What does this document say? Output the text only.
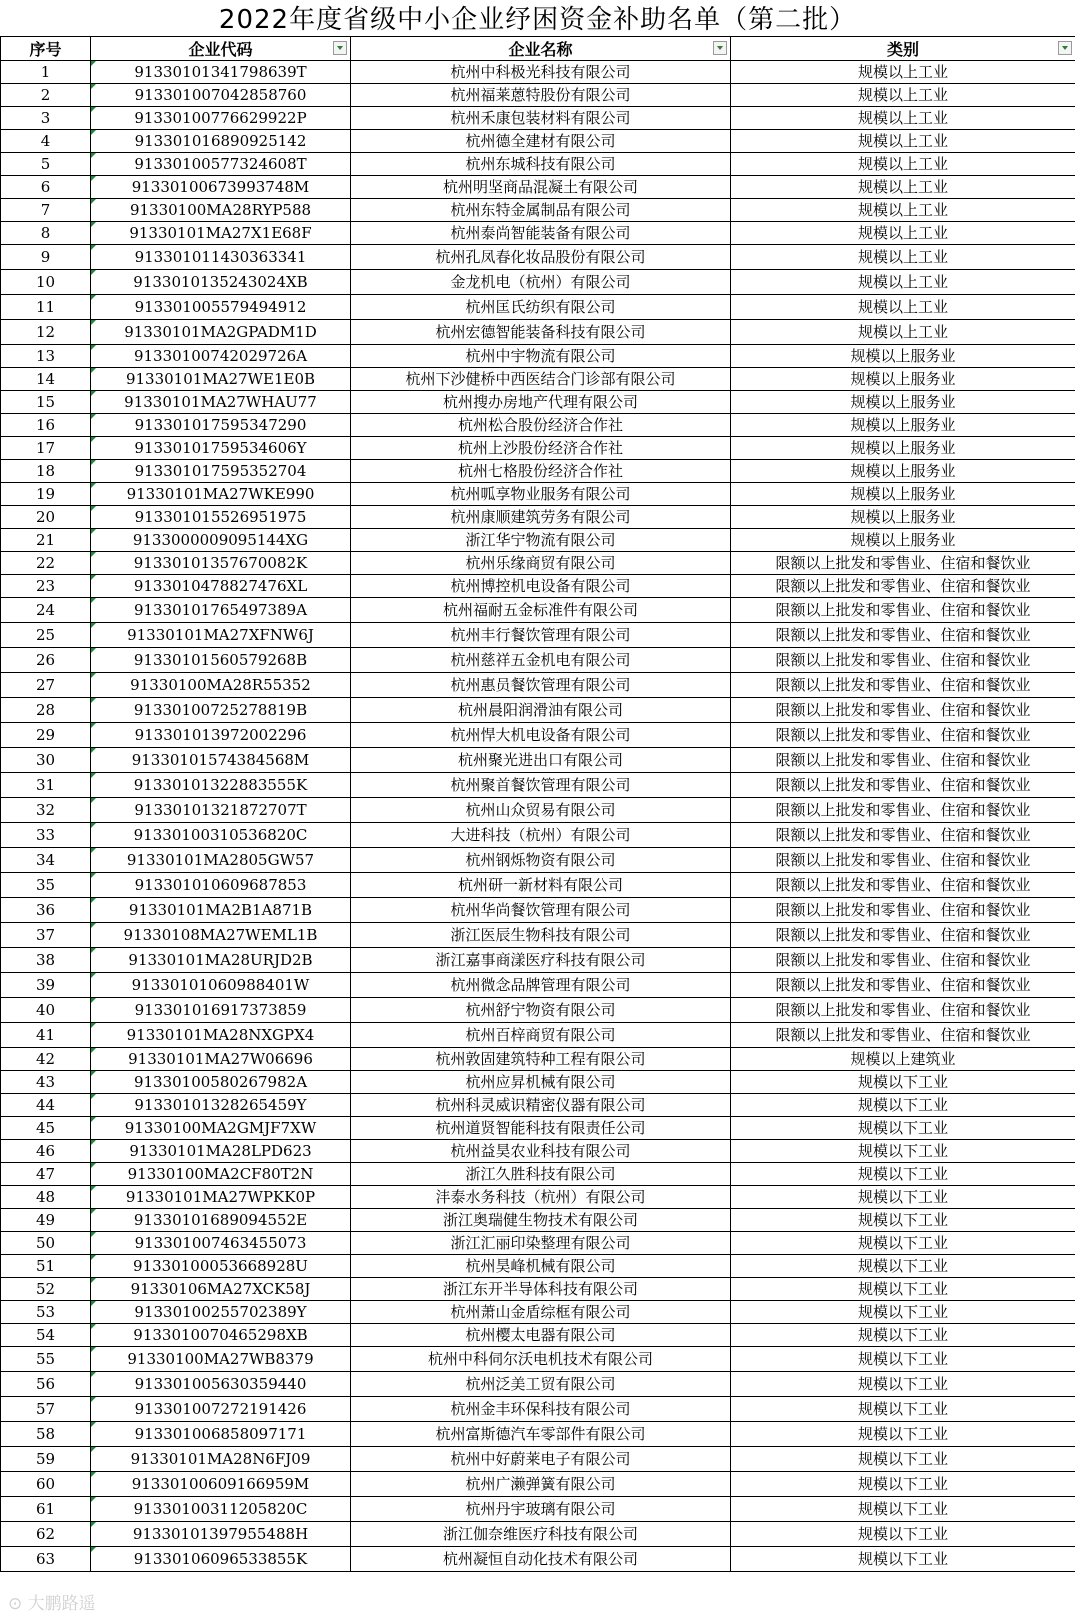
2022年度省级中小企业纾困资金补助名单（第二批）
序号	企业代码	企业名称	类别

1	91330101341798639T	杭州中科极光科技有限公司	规模以上工业
2	913301007042858760	杭州福莱蒽特股份有限公司	规模以上工业
3	91330100776629922P	杭州禾康包装材料有限公司	规模以上工业
4	913301016890925142	杭州德全建材有限公司	规模以上工业
5	91330100577324608T	杭州东城科技有限公司	规模以上工业
6	91330100673993748M	杭州明坚商品混凝土有限公司	规模以上工业
7	91330100MA28RYP588	杭州东特金属制品有限公司	规模以上工业
8	91330101MA27X1E68F	杭州泰尚智能装备有限公司	规模以上工业
9	913301011430363341	杭州孔凤春化妆品股份有限公司	规模以上工业
10	9133010135243024XB	金龙机电（杭州）有限公司	规模以上工业
11	913301005579494912	杭州匡氏纺织有限公司	规模以上工业
12	91330101MA2GPADM1D	杭州宏德智能装备科技有限公司	规模以上工业
13	91330100742029726A	杭州中宇物流有限公司	规模以上服务业
14	91330101MA27WE1E0B	杭州下沙健桥中西医结合门诊部有限公司	规模以上服务业
15	91330101MA27WHAU77	杭州搜办房地产代理有限公司	规模以上服务业
16	913301017595347290	杭州松合股份经济合作社	规模以上服务业
17	91330101759534606Y	杭州上沙股份经济合作社	规模以上服务业
18	913301017595352704	杭州七格股份经济合作社	规模以上服务业
19	91330101MA27WKE990	杭州呱享物业服务有限公司	规模以上服务业
20	913301015526951975	杭州康顺建筑劳务有限公司	规模以上服务业
21	9133000009095144XG	浙江华宁物流有限公司	规模以上服务业
22	91330101357670082K	杭州乐缘商贸有限公司	限额以上批发和零售业、住宿和餐饮业
23	9133010478827476XL	杭州博控机电设备有限公司	限额以上批发和零售业、住宿和餐饮业
24	91330101765497389A	杭州福耐五金标准件有限公司	限额以上批发和零售业、住宿和餐饮业
25	91330101MA27XFNW6J	杭州丰行餐饮管理有限公司	限额以上批发和零售业、住宿和餐饮业
26	91330101560579268B	杭州慈祥五金机电有限公司	限额以上批发和零售业、住宿和餐饮业
27	91330100MA28R55352	杭州惠员餐饮管理有限公司	限额以上批发和零售业、住宿和餐饮业
28	91330100725278819B	杭州晨阳润滑油有限公司	限额以上批发和零售业、住宿和餐饮业
29	913301013972002296	杭州悍大机电设备有限公司	限额以上批发和零售业、住宿和餐饮业
30	91330101574384568M	杭州聚光进出口有限公司	限额以上批发和零售业、住宿和餐饮业
31	91330101322883555K	杭州聚首餐饮管理有限公司	限额以上批发和零售业、住宿和餐饮业
32	91330101321872707T	杭州山众贸易有限公司	限额以上批发和零售业、住宿和餐饮业
33	91330100310536820C	大进科技（杭州）有限公司	限额以上批发和零售业、住宿和餐饮业
34	91330101MA2805GW57	杭州钢烁物资有限公司	限额以上批发和零售业、住宿和餐饮业
35	913301010609687853	杭州研一新材料有限公司	限额以上批发和零售业、住宿和餐饮业
36	91330101MA2B1A871B	杭州华尚餐饮管理有限公司	限额以上批发和零售业、住宿和餐饮业
37	91330108MA27WEML1B	浙江医辰生物科技有限公司	限额以上批发和零售业、住宿和餐饮业
38	91330101MA28URJD2B	浙江嘉事商漾医疗科技有限公司	限额以上批发和零售业、住宿和餐饮业
39	91330101060988401W	杭州微念品牌管理有限公司	限额以上批发和零售业、住宿和餐饮业
40	913301016917373859	杭州舒宁物资有限公司	限额以上批发和零售业、住宿和餐饮业
41	91330101MA28NXGPX4	杭州百梓商贸有限公司	限额以上批发和零售业、住宿和餐饮业
42	91330101MA27W06696	杭州敦固建筑特种工程有限公司	规模以上建筑业
43	91330100580267982A	杭州应昇机械有限公司	规模以下工业
44	91330101328265459Y	杭州科灵威识精密仪器有限公司	规模以下工业
45	91330100MA2GMJF7XW	杭州道贤智能科技有限责任公司	规模以下工业
46	91330101MA28LPD623	杭州益昊农业科技有限公司	规模以下工业
47	91330100MA2CF80T2N	浙江久胜科技有限公司	规模以下工业
48	91330101MA27WPKK0P	沣泰水务科技（杭州）有限公司	规模以下工业
49	91330101689094552E	浙江奥瑞健生物技术有限公司	规模以下工业
50	913301007463455073	浙江汇丽印染整理有限公司	规模以下工业
51	91330100053668928U	杭州昊峰机械有限公司	规模以下工业
52	91330106MA27XCK58J	浙江东开半导体科技有限公司	规模以下工业
53	91330100255702389Y	杭州萧山金盾综框有限公司	规模以下工业
54	9133010070465298XB	杭州樱太电器有限公司	规模以下工业
55	91330100MA27WB8379	杭州中科伺尔沃电机技术有限公司	规模以下工业
56	913301005630359440	杭州泛美工贸有限公司	规模以下工业
57	913301007272191426	杭州金丰环保科技有限公司	规模以下工业
58	913301006858097171	杭州富斯德汽车零部件有限公司	规模以下工业
59	91330101MA28N6FJ09	杭州中好蔚莱电子有限公司	规模以下工业
60	91330100609166959M	杭州广濑弹簧有限公司	规模以下工业
61	91330100311205820C	杭州丹宇玻璃有限公司	规模以下工业
62	91330101397955488H	浙江伽奈维医疗科技有限公司	规模以下工业
63	91330106096533855K	杭州凝恒自动化技术有限公司	规模以下工业
⊙ 大鹏路遥
